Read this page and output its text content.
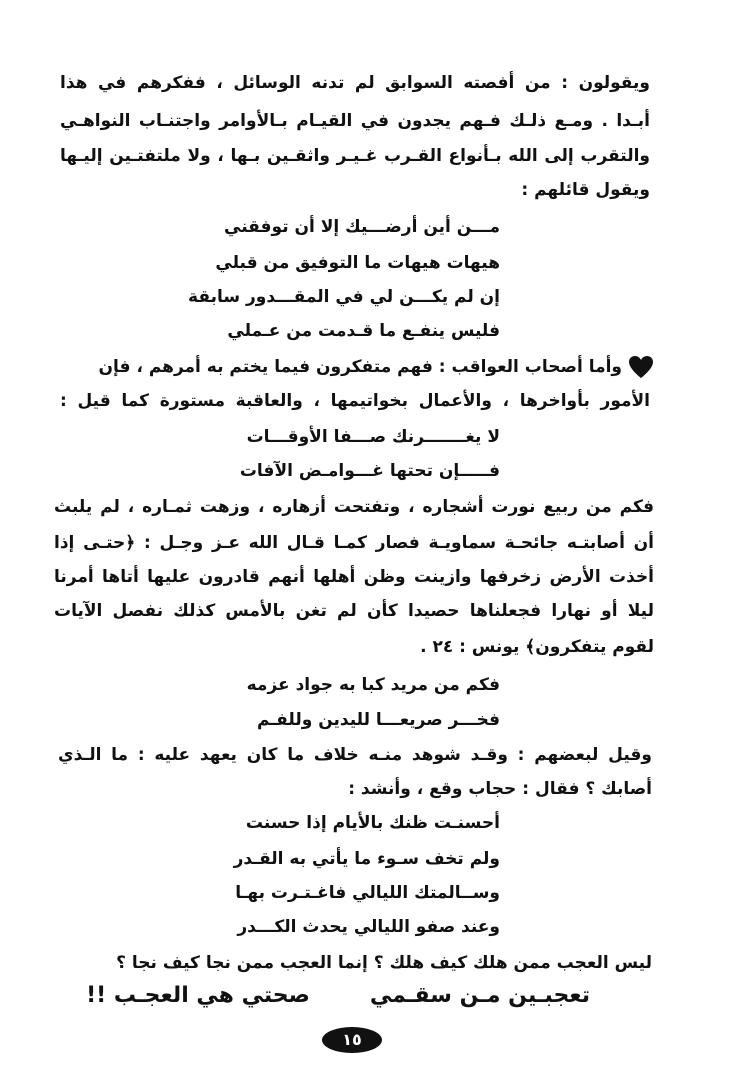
ويقولون : من أفصته السوابق لم تدنه الوسائل ، ففكرهم في هذا
أبـدا . ومـع ذلـك فـهم يجدون في القيـام بـالأوامر واجتنـاب النواهـي
والتقرب إلى الله بـأنواع القـرب غـيـر واثقـين بـها ، ولا ملتفتـين إليـها
ويقول قائلهم :
مـــن أين أرضـــيك إلا أن توفقني
هيهات هيهات ما التوفيق من قبلي
إن لم يكـــن لي في المقـــدور سابقة
فليس ينفـع ما قـدمت من عـملي
وأما أصحاب العواقب : فهم متفكرون فيما يختم به أمرهم ، فإن
الأمور بأواخرها ، والأعمال بخواتيمها ، والعاقبة مستورة كما قيل :
لا يغـــــــرنك صـــفا الأوقـــات
فـــــإن تحتها غـــوامـض الآفات
فكم من ربيع نورت أشجاره ، وتفتحت أزهاره ، وزهت ثمـاره ، لم يلبث
أن أصابتـه جائحـة سماويـة فصار كمـا قـال الله عـز وجـل : ﴿حتـى إذا
أخذت الأرض زخرفها وازينت وظن أهلها أنهم قادرون عليها أتاها أمرنا
ليلا أو نهارا فجعلناها حصيدا كأن لم تغن بالأمس كذلك نفصل الآيات
لقوم يتفكرون﴾ يونس : ٢٤ .
فكم من مريد كبا به جواد عزمه
فخـــر صريعـــا لليدين وللفـم
وقيل لبعضهم : وقـد شوهد منـه خلاف ما كان يعهد عليه : ما الـذي
أصابك ؟ فقال : حجاب وقع ، وأنشد :
أحسنـت ظنك بالأيام إذا حسنت
ولم تخف سـوء ما يأتي به القـدر
وســالمتك الليالي فاغـتـرت بهـا
وعند صفو الليالي يحدث الكـــدر
ليس العجب ممن هلك كيف هلك ؟ إنما العجب ممن نجا كيف نجا ؟
تعجبـين مـن سقـميصحتي هي العجـب !!
١٥
